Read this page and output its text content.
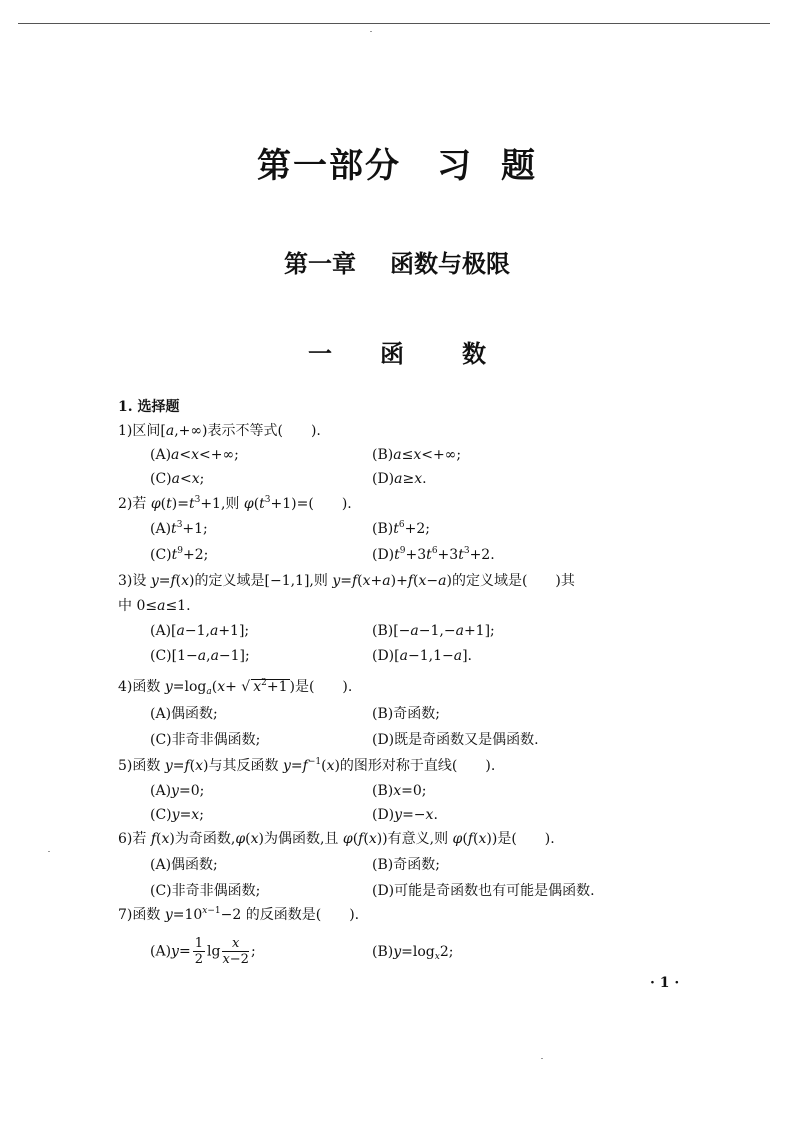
第一部分 习 题
第一章 函数与极限
一 函 数
1. 选择题
1)区间[a,+∞)表示不等式(　　).
(A)a<x<+∞;	(B)a≤x<+∞;
(C)a<x;	(D)a≥x.
2)若 $\varphi(t)=t^3+1$,则 $\varphi(t^3+1)=$(　　).
$(A)t^3+1$;	$(B)t^6+2$;
$(C)t^9+2$;	$(D)t^9+3t^6+3t^3+2$.
3)设 y=f(x)的定义域是[−1,1],则 y=f(x+a)+f(x−a)的定义域是(　　)其
中 0≤a≤1.
(A)[a−1,a+1];	(B)[−a−1,−a+1];
(C)[1−a,a−1];	(D)[a−1,1−a].
4)函数 $y=\log_a(x+$ √ $x^2+1$ )是(　　).
(A)偶函数;	(B)奇函数;
(C)非奇非偶函数;	(D)既是奇函数又是偶函数.
5)函数 y=f(x)与其反函数 $y=f^{-1}(x)$的图形对称于直线(　　).
(A)y=0;	(B)x=0;
(C)y=x;	(D)y=−x.
6)若 f(x)为奇函数,φ(x)为偶函数,且 φ(f(x))有意义,则 φ(f(x))是(　　).
(A)偶函数;	(B)奇函数;
(C)非奇非偶函数;	(D)可能是奇函数也有可能是偶函数.
7)函数 $y=10^{x-1}-2$ 的反函数是(　　).
$(A)y= \frac{1}{2}$ $\lg \frac{x}{x-2}$ ;	$(B)y=\log_x2$;
· 1 ·
